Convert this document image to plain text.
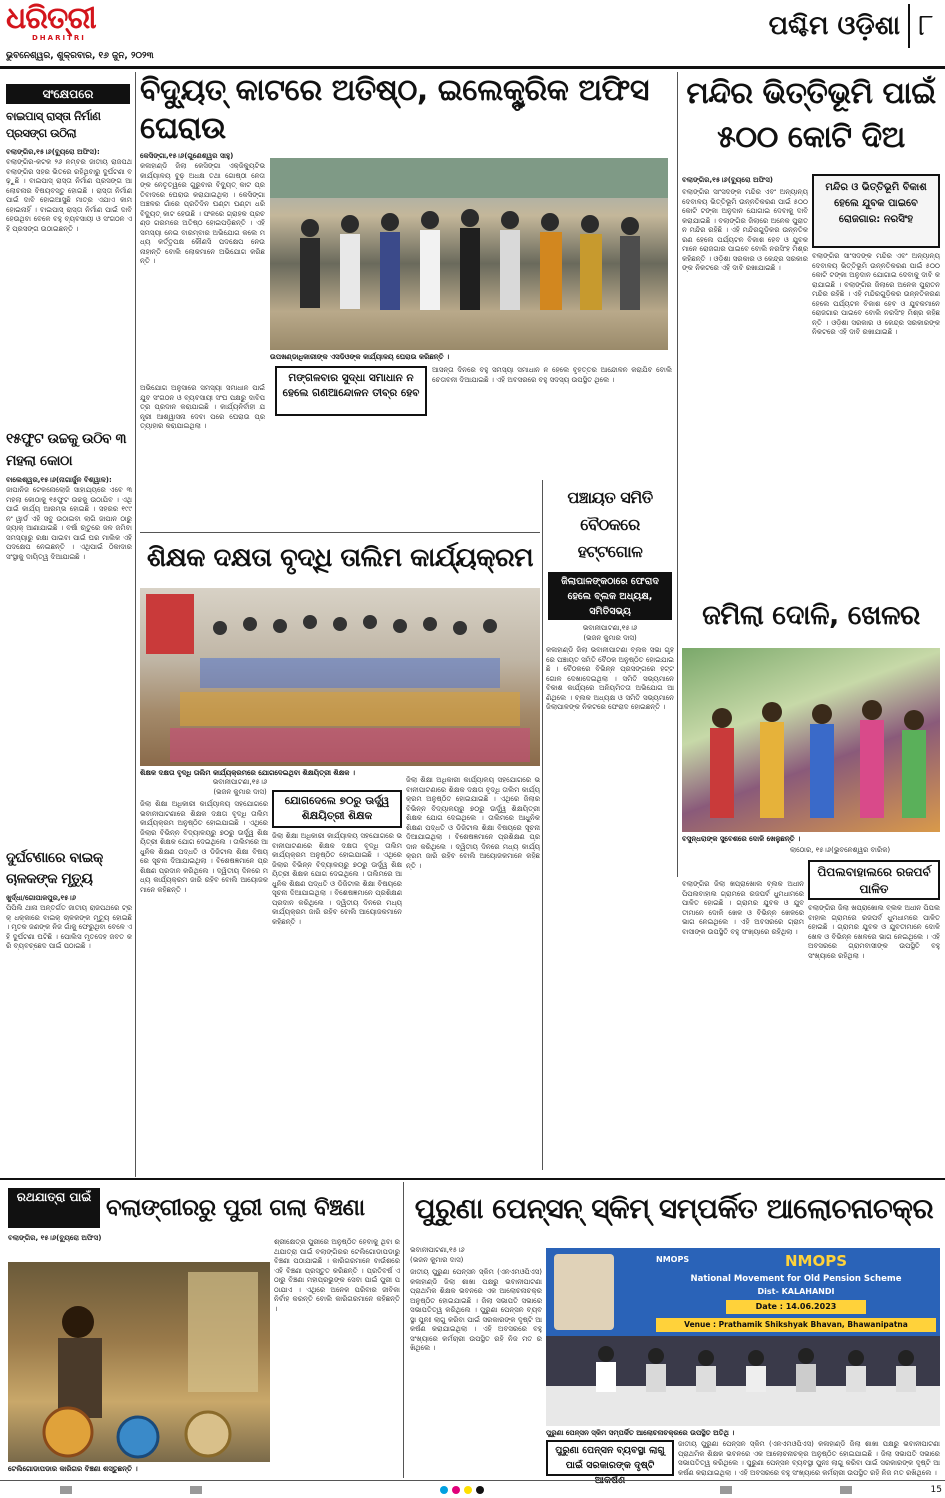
ଧରିତ୍ରୀ
DHARITRI
ଭୁବନେଶ୍ୱର, ଶୁକ୍ରବାର, ୧୬ ଜୁନ, ୨୦୨୩
ପଶ୍ଚିମ ଓଡ଼ିଶା ୮
ସଂକ୍ଷେପରେ
ବାଇପାସ୍ ରାସ୍ତା ନିର୍ମାଣ ପ୍ରସଙ୍ଗ ଉଠିଲା
ବଲାଙ୍ଗିର,୧୫।୬(ବ୍ୟୁରୋ ଅଫିସ):
ବଲାଙ୍ଗିର-କଟକ ୨୬ ନମ୍ବର ଜାତୀୟ ରାଜପଥ ବଲାଙ୍ଗିର ସହର ଭିତରେ ରହିଥିବାରୁ ଦୁର୍ଘଟଣା ବଢ଼ୁଛି । ବାଇପାସ୍ ରାସ୍ତା ନିର୍ମାଣ ପ୍ରସଙ୍ଗ ଆଲୋଚନାର ବିଷୟବସ୍ତୁ ହୋଇଛି । ରାସ୍ତା ନିର୍ମାଣ ପାଇଁ ଦାବି ହୋଇଆସୁଛି ମାତ୍ର ଏଯାଏ କାମ ହୋଇନାହିଁ । ବାଇପାସ୍ ରାସ୍ତା ନିର୍ମାଣ ପାଇଁ ଦାବି ହେଉଥିବା ବେଳେ ବହୁ ବ୍ୟବସାୟୀ ଓ ସଂଗଠନ ଏହି ପ୍ରସଙ୍ଗ ଉଠାଇଛନ୍ତି ।
୧୫ଫୁଟ ଉଚ୍ଚକୁ ଉଠିବ ୩ ମହଲା କୋଠା
ବାଲେଶ୍ୱର,୧୫।୬(ନାଗାର୍ଜୁନ ବିଶ୍ୱାଳ):
ଜାପାନିଜ ଟେକନୋଲୋଜି ସାହାଯ୍ୟରେ ଏବେ ୩ ମହଲା କୋଠାକୁ ୧୫ଫୁଟ ଉଚ୍ଚକୁ ଉଠାଯିବ । ଏଥି ପାଇଁ କାର୍ଯ୍ୟ ଆରମ୍ଭ ହୋଇଛି । ସହରର ୧୯୯ନଂ ୱାର୍ଡ ଏହି ସବୁ ଉଠାଇବା ଲାଗି ଜାପାନ ଠାରୁ ଜ୍ୟାକ୍ ଆଣାଯାଇଛି । ବର୍ଷା ଋତୁରେ ଜଳ ଜମିବା ସମସ୍ୟାରୁ ରକ୍ଷା ପାଇବା ପାଇଁ ଘର ମାଲିକ ଏହି ପଦକ୍ଷେପ ନେଇଛନ୍ତି । ଏଥିପାଇଁ ଠିକାଦାର ସଂସ୍ଥାକୁ ଦାୟିତ୍ୱ ଦିଆଯାଇଛି ।
ଦୁର୍ଘଟଣାରେ ବାଇକ୍ ଚାଳକଙ୍କ ମୃତ୍ୟୁ
ଖୁର୍ଦ୍ଧା/ଗୋପାଳପୁର,୧୫।୬
ପିପିଲି ଥାନା ଅନ୍ତର୍ଗତ ଜାତୀୟ ରାଜପଥରେ ଟ୍ରକ୍ ଧକ୍କାରେ ବାଇକ୍ ଚାଳକଙ୍କ ମୃତ୍ୟୁ ହୋଇଛି । ମୃତକ ଜଣଙ୍କ ନିଜ ଗାଁକୁ ଫେରୁଥିବା ବେଳେ ଏହି ଦୁର୍ଘଟଣା ଘଟିଛି । ପୋଲିସ ମୃତଦେହ ଜବତ କରି ବ୍ୟବଚ୍ଛେଦ ପାଇଁ ପଠାଇଛି ।
ବିଦ୍ୟୁତ୍ କାଟରେ ଅତିଷ୍ଠ, ଇଲେକ୍ଟ୍ରିକ ଅଫିସ ଘେରାଉ
କେସିଙ୍ଗା,୧୫।୬(ଗୁଣେଶ୍ୱର ସାହୁ)
କଳାହାଣ୍ଡି ଜିଲା କେସିଙ୍ଗା ଏକ୍ଜିକ୍ୟୁଟିଭ କାର୍ଯ୍ୟାଳୟ ବୁଢ଼ ଅଧକ୍ଷ ତଥା ଗୋଷ୍ଠୀ ନେତା ଙ୍କ ନେତୃତ୍ୱରେ ଗୁରୁବାର ବିଦ୍ୟୁତ୍ କାଟ ପ୍ରତିବାଦରେ ଘେରାଉ କରାଯାଇଥିଲା । କେସିଙ୍ଗା ଅଞ୍ଚଳର ଗାଁରେ ପ୍ରତିଦିନ ଘଣ୍ଟା ଘଣ୍ଟା ଧରି ବିଦ୍ୟୁତ୍ କାଟ ହେଉଛି । ଫଳରେ ଗ୍ରାହକ ପ୍ରଚଣ୍ଡ ଗରମରେ ଅତିଷ୍ଠ ହୋଇପଡ଼ିଛନ୍ତି । ଏହି ସମସ୍ୟା ନେଇ ବାରମ୍ବାର ଅଭିଯୋଗ କଲେ ମଧ୍ୟ କର୍ତ୍ତୃପକ୍ଷ କୌଣସି ପଦକ୍ଷେପ ନେଉନାହାନ୍ତି ବୋଲି ଲୋକମାନେ ଅଭିଯୋଗ କରିଛନ୍ତି ।
ଉପଖଣ୍ଡାଧିକାରୀଙ୍କ ଏସଡିଓଙ୍କ କାର୍ଯ୍ୟାଳୟ ଘେରାଉ କରିଛନ୍ତି ।
ମଙ୍ଗଳବାର ସୁଦ୍ଧା ସମାଧାନ ନ ହେଲେ ଗଣଆନ୍ଦୋଳନ ତୀବ୍ର ହେବ
ଅଭିଯୋଗ ଅନୁସାରେ ସମସ୍ୟା ସମାଧାନ ପାଇଁ ଯୁବ ସଂଗଠନ ଓ ବ୍ୟବସାୟୀ ସଂଘ ପକ୍ଷରୁ ଦାବିପତ୍ର ପ୍ରଦାନ କରାଯାଇଛି । କାର୍ଯ୍ୟନିର୍ବାହୀ ଯନ୍ତ୍ରୀ ଆଶ୍ୱାସନା ଦେବା ପରେ ଘେରାଉ ପ୍ରତ୍ୟାହାର କରାଯାଇଥିଲା ।
ଆସନ୍ତା ଦିନରେ ବହୁ ସମସ୍ୟା ସମାଧାନ ନ ହେଲେ ବୃହତ୍ତର ଆନ୍ଦୋଳନ କରାଯିବ ବୋଲି ଚେତାବନୀ ଦିଆଯାଇଛି । ଏହି ଅବସରରେ ବହୁ ସଦସ୍ୟ ଉପସ୍ଥିତ ଥିଲେ ।
ମନ୍ଦିର ଭିତ୍ତିଭୂମି ପାଇଁ ୫୦୦ କୋଟି ଦିଅ
ବଲାଙ୍ଗିର,୧୫।୬(ବ୍ୟୁରୋ ଅଫିସ)
ମନ୍ଦିର ଓ ଭିତ୍ତିଭୂମି ବିକାଶ ହେଲେ ଯୁବକ ପାଇବେ ରୋଜଗାର: ନରସିଂହ
ବଲାଙ୍ଗିର ସାଂସଦଙ୍କ ମନ୍ଦିର ଏବଂ ଅନ୍ୟାନ୍ୟ ଦେବାଳୟ ଭିତ୍ତିଭୂମି ଉନ୍ନତିକରଣ ପାଇଁ ୫୦୦ କୋଟି ଟଙ୍କା ଅନୁଦାନ ଯୋଗାଇ ଦେବାକୁ ଦାବି କରାଯାଇଛି । ବଲାଙ୍ଗିର ଜିଲାରେ ଅନେକ ପୁରାତନ ମନ୍ଦିର ରହିଛି । ଏହି ମନ୍ଦିରଗୁଡ଼ିକର ଉନ୍ନତିକରଣ ହେଲେ ପର୍ଯ୍ୟଟନ ବିକାଶ ହେବ ଓ ଯୁବକମାନେ ରୋଜଗାର ପାଇବେ ବୋଲି ନରସିଂହ ମିଶ୍ର କହିଛନ୍ତି । ଓଡ଼ିଶା ସରକାର ଓ କେନ୍ଦ୍ର ସରକାରଙ୍କ ନିକଟରେ ଏହି ଦାବି ରଖାଯାଇଛି ।
ବଲାଙ୍ଗିର ସାଂସଦଙ୍କ ମନ୍ଦିର ଏବଂ ଅନ୍ୟାନ୍ୟ ଦେବାଳୟ ଭିତ୍ତିଭୂମି ଉନ୍ନତିକରଣ ପାଇଁ ୫୦୦ କୋଟି ଟଙ୍କା ଅନୁଦାନ ଯୋଗାଇ ଦେବାକୁ ଦାବି କରାଯାଇଛି । ବଲାଙ୍ଗିର ଜିଲାରେ ଅନେକ ପୁରାତନ ମନ୍ଦିର ରହିଛି । ଏହି ମନ୍ଦିରଗୁଡ଼ିକର ଉନ୍ନତିକରଣ ହେଲେ ପର୍ଯ୍ୟଟନ ବିକାଶ ହେବ ଓ ଯୁବକମାନେ ରୋଜଗାର ପାଇବେ ବୋଲି ନରସିଂହ ମିଶ୍ର କହିଛନ୍ତି । ଓଡ଼ିଶା ସରକାର ଓ କେନ୍ଦ୍ର ସରକାରଙ୍କ ନିକଟରେ ଏହି ଦାବି ରଖାଯାଇଛି ।
ଜମିଲା ଦୋଳି, ଖେଳର
ବସୁନ୍ଧରାଙ୍କ ସୁବେଶରେ ଦୋଳି ଖେଳୁଛନ୍ତି ।
ଲାଠୋର, ୧୫।୬(ଭୁବନେଶ୍ୱର ବାରିକ)
ପିପଲବାହାଲରେ ରଜପର୍ବ ପାଳିତ
ବଲାଙ୍ଗିର ଜିଲା ଖପ୍ରାଖୋଲ ବ୍ଲକ ଅଧୀନ ପିପଲବାହାଲ ଗ୍ରାମରେ ରଜପର୍ବ ଧୁମଧାମରେ ପାଳିତ ହୋଇଛି । ଗ୍ରାମର ଯୁବକ ଓ ଯୁବତୀମାନେ ଦୋଳି ଖେଳ ଓ ବିଭିନ୍ନ ଖେଳରେ ଭାଗ ନେଇଥିଲେ । ଏହି ଅବସରରେ ଗ୍ରାମବାସୀଙ୍କ ଉପସ୍ଥିତି ବହୁ ସଂଖ୍ୟାରେ ରହିଥିଲା ।
ବଲାଙ୍ଗିର ଜିଲା ଖପ୍ରାଖୋଲ ବ୍ଲକ ଅଧୀନ ପିପଲବାହାଲ ଗ୍ରାମରେ ରଜପର୍ବ ଧୁମଧାମରେ ପାଳିତ ହୋଇଛି । ଗ୍ରାମର ଯୁବକ ଓ ଯୁବତୀମାନେ ଦୋଳି ଖେଳ ଓ ବିଭିନ୍ନ ଖେଳରେ ଭାଗ ନେଇଥିଲେ । ଏହି ଅବସରରେ ଗ୍ରାମବାସୀଙ୍କ ଉପସ୍ଥିତି ବହୁ ସଂଖ୍ୟାରେ ରହିଥିଲା ।
ଶିକ୍ଷକ ଦକ୍ଷତା ବୃଦ୍ଧି ତାଲିମ କାର୍ଯ୍ୟକ୍ରମ
ଶିକ୍ଷକ ଦକ୍ଷତା ବୃଦ୍ଧି ତାଲିମ କାର୍ଯ୍ୟକ୍ରମରେ ଯୋଗଦେଇଥିବା ଶିକ୍ଷୟିତ୍ରୀ ଶିକ୍ଷକ ।
ଭବାନୀପାଟଣା,୧୫।୬
(ଭଜନ କୁମାର ଦାସ)
ଯୋଗଦେଲେ ୭୦ରୁ ଊର୍ଦ୍ଧ୍ୱ ଶିକ୍ଷୟିତ୍ରୀ ଶିକ୍ଷକ
ଜିଲା ଶିକ୍ଷା ଅଧିକାରୀ କାର୍ଯ୍ୟାଳୟ ସହଯୋଗରେ ଭବାନୀପାଟଣାରେ ଶିକ୍ଷକ ଦକ୍ଷତା ବୃଦ୍ଧି ତାଲିମ କାର୍ଯ୍ୟକ୍ରମ ଅନୁଷ୍ଠିତ ହୋଇଯାଇଛି । ଏଥିରେ ଜିଲାର ବିଭିନ୍ନ ବିଦ୍ୟାଳୟରୁ ୭୦ରୁ ଊର୍ଦ୍ଧ୍ୱ ଶିକ୍ଷୟିତ୍ରୀ ଶିକ୍ଷକ ଯୋଗ ଦେଇଥିଲେ । ତାଲିମରେ ଆଧୁନିକ ଶିକ୍ଷଣ ପଦ୍ଧତି ଓ ଡିଜିଟାଲ ଶିକ୍ଷା ବିଷୟରେ ସୂଚନା ଦିଆଯାଇଥିଲା । ବିଶେଷଜ୍ଞମାନେ ପ୍ରଶିକ୍ଷଣ ପ୍ରଦାନ କରିଥିଲେ । ଦ୍ୱିତୀୟ ଦିନରେ ମଧ୍ୟ କାର୍ଯ୍ୟକ୍ରମ ଜାରି ରହିବ ବୋଲି ଆୟୋଜକମାନେ କହିଛନ୍ତି ।
ଜିଲା ଶିକ୍ଷା ଅଧିକାରୀ କାର୍ଯ୍ୟାଳୟ ସହଯୋଗରେ ଭବାନୀପାଟଣାରେ ଶିକ୍ଷକ ଦକ୍ଷତା ବୃଦ୍ଧି ତାଲିମ କାର୍ଯ୍ୟକ୍ରମ ଅନୁଷ୍ଠିତ ହୋଇଯାଇଛି । ଏଥିରେ ଜିଲାର ବିଭିନ୍ନ ବିଦ୍ୟାଳୟରୁ ୭୦ରୁ ଊର୍ଦ୍ଧ୍ୱ ଶିକ୍ଷୟିତ୍ରୀ ଶିକ୍ଷକ ଯୋଗ ଦେଇଥିଲେ । ତାଲିମରେ ଆଧୁନିକ ଶିକ୍ଷଣ ପଦ୍ଧତି ଓ ଡିଜିଟାଲ ଶିକ୍ଷା ବିଷୟରେ ସୂଚନା ଦିଆଯାଇଥିଲା । ବିଶେଷଜ୍ଞମାନେ ପ୍ରଶିକ୍ଷଣ ପ୍ରଦାନ କରିଥିଲେ । ଦ୍ୱିତୀୟ ଦିନରେ ମଧ୍ୟ କାର୍ଯ୍ୟକ୍ରମ ଜାରି ରହିବ ବୋଲି ଆୟୋଜକମାନେ କହିଛନ୍ତି ।
ଜିଲା ଶିକ୍ଷା ଅଧିକାରୀ କାର୍ଯ୍ୟାଳୟ ସହଯୋଗରେ ଭବାନୀପାଟଣାରେ ଶିକ୍ଷକ ଦକ୍ଷତା ବୃଦ୍ଧି ତାଲିମ କାର୍ଯ୍ୟକ୍ରମ ଅନୁଷ୍ଠିତ ହୋଇଯାଇଛି । ଏଥିରେ ଜିଲାର ବିଭିନ୍ନ ବିଦ୍ୟାଳୟରୁ ୭୦ରୁ ଊର୍ଦ୍ଧ୍ୱ ଶିକ୍ଷୟିତ୍ରୀ ଶିକ୍ଷକ ଯୋଗ ଦେଇଥିଲେ । ତାଲିମରେ ଆଧୁନିକ ଶିକ୍ଷଣ ପଦ୍ଧତି ଓ ଡିଜିଟାଲ ଶିକ୍ଷା ବିଷୟରେ ସୂଚନା ଦିଆଯାଇଥିଲା । ବିଶେଷଜ୍ଞମାନେ ପ୍ରଶିକ୍ଷଣ ପ୍ରଦାନ କରିଥିଲେ । ଦ୍ୱିତୀୟ ଦିନରେ ମଧ୍ୟ କାର୍ଯ୍ୟକ୍ରମ ଜାରି ରହିବ ବୋଲି ଆୟୋଜକମାନେ କହିଛନ୍ତି ।
ପଞ୍ଚାୟତ ସମିତି ବୈଠକରେ ହଟ୍ଟଗୋଳ
ଜିଲାପାଳଙ୍କଠାରେ ଫେରାଦ ହେଲେ ବ୍ଲକ ଅଧ୍ୟକ୍ଷ, ସମିତିସଭ୍ୟ
ଭବାନୀପାଟଣା,୧୫।୬
(ଭଜନ କୁମାର ଦାସ)
କଳାହାଣ୍ଡି ଜିଲା ଭବାନୀପାଟଣା ବ୍ଲକ ସଭା ଗୃହରେ ପଞ୍ଚାୟତ ସମିତି ବୈଠକ ଅନୁଷ୍ଠିତ ହୋଇଯାଇଛି । ବୈଠକରେ ବିଭିନ୍ନ ପ୍ରସଙ୍ଗରେ ହଟ୍ଟଗୋଳ ଦେଖାଦେଇଥିଲା । ସମିତି ସଭ୍ୟମାନେ ବିକାଶ କାର୍ଯ୍ୟରେ ଅନିୟମିତତା ଅଭିଯୋଗ ଆଣିଥିଲେ । ବ୍ଲକ ଅଧ୍ୟକ୍ଷ ଓ ସମିତି ସଭ୍ୟମାନେ ଜିଲାପାଳଙ୍କ ନିକଟରେ ଫେରାଦ ହୋଇଛନ୍ତି ।
ରଥଯାତ୍ରା ପାଇଁ ବଲାଙ୍ଗୀରରୁ ପୁରୀ ଗଲା ବିଞ୍ଚଣା
ବଲାଙ୍ଗିର, ୧୫।୬(ବ୍ୟୁରୋ ଅଫିସ)
ଟେଲିଗୋଡାପଡାର କାରିଗର ବିଞ୍ଚଣା ଶସ୍ତୁଛନ୍ତି ।
ଶ୍ରୀକ୍ଷେତ୍ର ପୁରୀରେ ଅନୁଷ୍ଠିତ ହେବାକୁ ଥିବା ରଥଯାତ୍ରା ପାଇଁ ବଲାଙ୍ଗିରର ଟେଲିଗୋଡାପଡାରୁ ବିଞ୍ଚଣା ପଠାଯାଇଛି । କାରିଗରମାନେ ବାଉଁଶରେ ଏହି ବିଞ୍ଚଣା ପ୍ରସ୍ତୁତ କରିଛନ୍ତି । ପ୍ରତିବର୍ଷ ଏଠାରୁ ବିଞ୍ଚଣା ମହାପ୍ରଭୁଙ୍କ ସେବା ପାଇଁ ପୁରୀ ପଠାଯାଏ । ଏଥିରେ ଅନେକ ପରିବାର ଜୀବିକା ନିର୍ବାହ କରନ୍ତି ବୋଲି କାରିଗରମାନେ କହିଛନ୍ତି ।
ପୁରୁଣା ପେନ୍ସନ୍ ସ୍କିମ୍ ସମ୍ପର୍କିତ ଆଲୋଚନାଚକ୍ର
ଭବାନୀପାଟଣା,୧୫।୬
(ଭଜନ କୁମାର ଦାସ)
ଜାତୀୟ ପୁରୁଣା ପେନ୍ସନ ସ୍କିମ (ଏନଏମଓପିଏସ) କଳାହାଣ୍ଡି ଜିଲା ଶାଖା ପକ୍ଷରୁ ଭବାନୀପାଟଣା ପ୍ରାଥମିକ ଶିକ୍ଷକ ଭବନରେ ଏକ ଆଲୋଚନାଚକ୍ର ଅନୁଷ୍ଠିତ ହୋଇଯାଇଛି । ଜିଲା ସଭାପତି ସଭାରେ ସଭାପତିତ୍ୱ କରିଥିଲେ । ପୁରୁଣା ପେନ୍ସନ ବ୍ୟବସ୍ଥା ପୁନଃ ଲାଗୁ କରିବା ପାଇଁ ସରକାରଙ୍କ ଦୃଷ୍ଟି ଆକର୍ଷଣ କରାଯାଇଥିଲା । ଏହି ଅବସରରେ ବହୁ ସଂଖ୍ୟାରେ କର୍ମଚାରୀ ଉପସ୍ଥିତ ରହି ନିଜ ମତ ରଖିଥିଲେ ।
NMOPS	NMOPS
National Movement for Old Pension Scheme
Dist- KALAHANDI
Date : 14.06.2023
Venue : Prathamik Shikshyak Bhavan, Bhawanipatna
ପୁରୁଣା ପେନ୍ସନ ସ୍କିମ ସମ୍ପର୍କିତ ଆଲୋଚନାଚକ୍ରରେ ଉପସ୍ଥିତ ଅତିଥି ।
ପୁରୁଣା ପେନ୍ସନ ବ୍ୟବସ୍ଥା ଲାଗୁ ପାଇଁ ସରକାରଙ୍କ ଦୃଷ୍ଟି
ଜାତୀୟ ପୁରୁଣା ପେନ୍ସନ ସ୍କିମ (ଏନଏମଓପିଏସ) କଳାହାଣ୍ଡି ଜିଲା ଶାଖା ପକ୍ଷରୁ ଭବାନୀପାଟଣା ପ୍ରାଥମିକ ଶିକ୍ଷକ ଭବନରେ ଏକ ଆଲୋଚନାଚକ୍ର ଅନୁଷ୍ଠିତ ହୋଇଯାଇଛି । ଜିଲା ସଭାପତି ସଭାରେ ସଭାପତିତ୍ୱ କରିଥିଲେ । ପୁରୁଣା ପେନ୍ସନ ବ୍ୟବସ୍ଥା ପୁନଃ ଲାଗୁ କରିବା ପାଇଁ ସରକାରଙ୍କ ଦୃଷ୍ଟି ଆକର୍ଷଣ କରାଯାଇଥିଲା । ଏହି ଅବସରରେ ବହୁ ସଂଖ୍ୟାରେ କର୍ମଚାରୀ ଉପସ୍ଥିତ ରହି ନିଜ ମତ ରଖିଥିଲେ ।
15
